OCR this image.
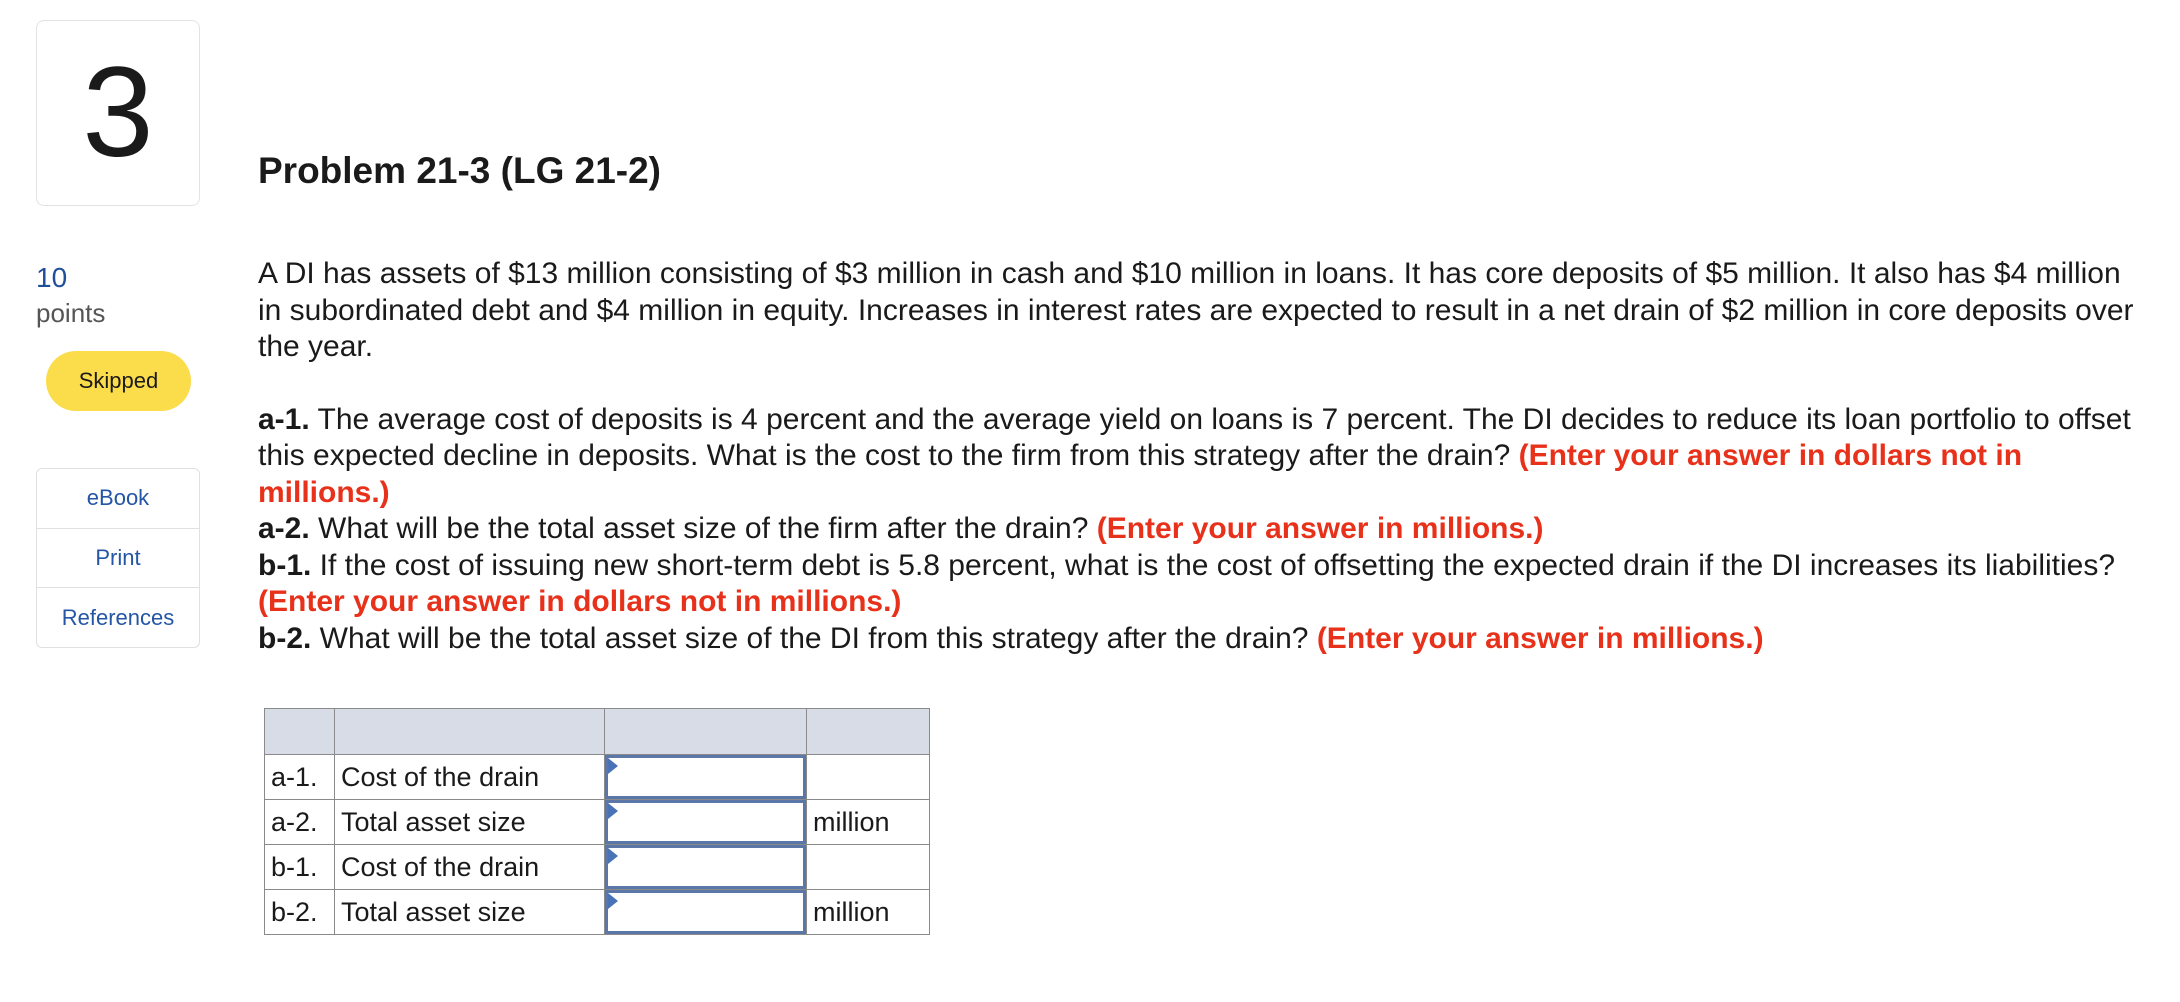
3
10
points
Skipped
eBook
Print
References
Problem 21-3 (LG 21-2)

A DI has assets of $13 million consisting of $3 million in cash and $10 million in loans. It has core deposits of $5 million. It also has $4 million in subordinated debt and $4 million in equity. Increases in interest rates are expected to result in a net drain of $2 million in core deposits over the year.

a-1. The average cost of deposits is 4 percent and the average yield on loans is 7 percent. The DI decides to reduce its loan portfolio to offset this expected decline in deposits. What is the cost to the firm from this strategy after the drain? (Enter your answer in dollars not in millions.)

a-2. What will be the total asset size of the firm after the drain? (Enter your answer in millions.)

b-1. If the cost of issuing new short-term debt is 5.8 percent, what is the cost of offsetting the expected drain if the DI increases its liabilities? (Enter your answer in dollars not in millions.)

b-2. What will be the total asset size of the DI from this strategy after the drain? (Enter your answer in millions.)

a-1.	Cost of the drain	

a-2.	Total asset size		million
b-1.	Cost of the drain	

b-2.	Total asset size		million
